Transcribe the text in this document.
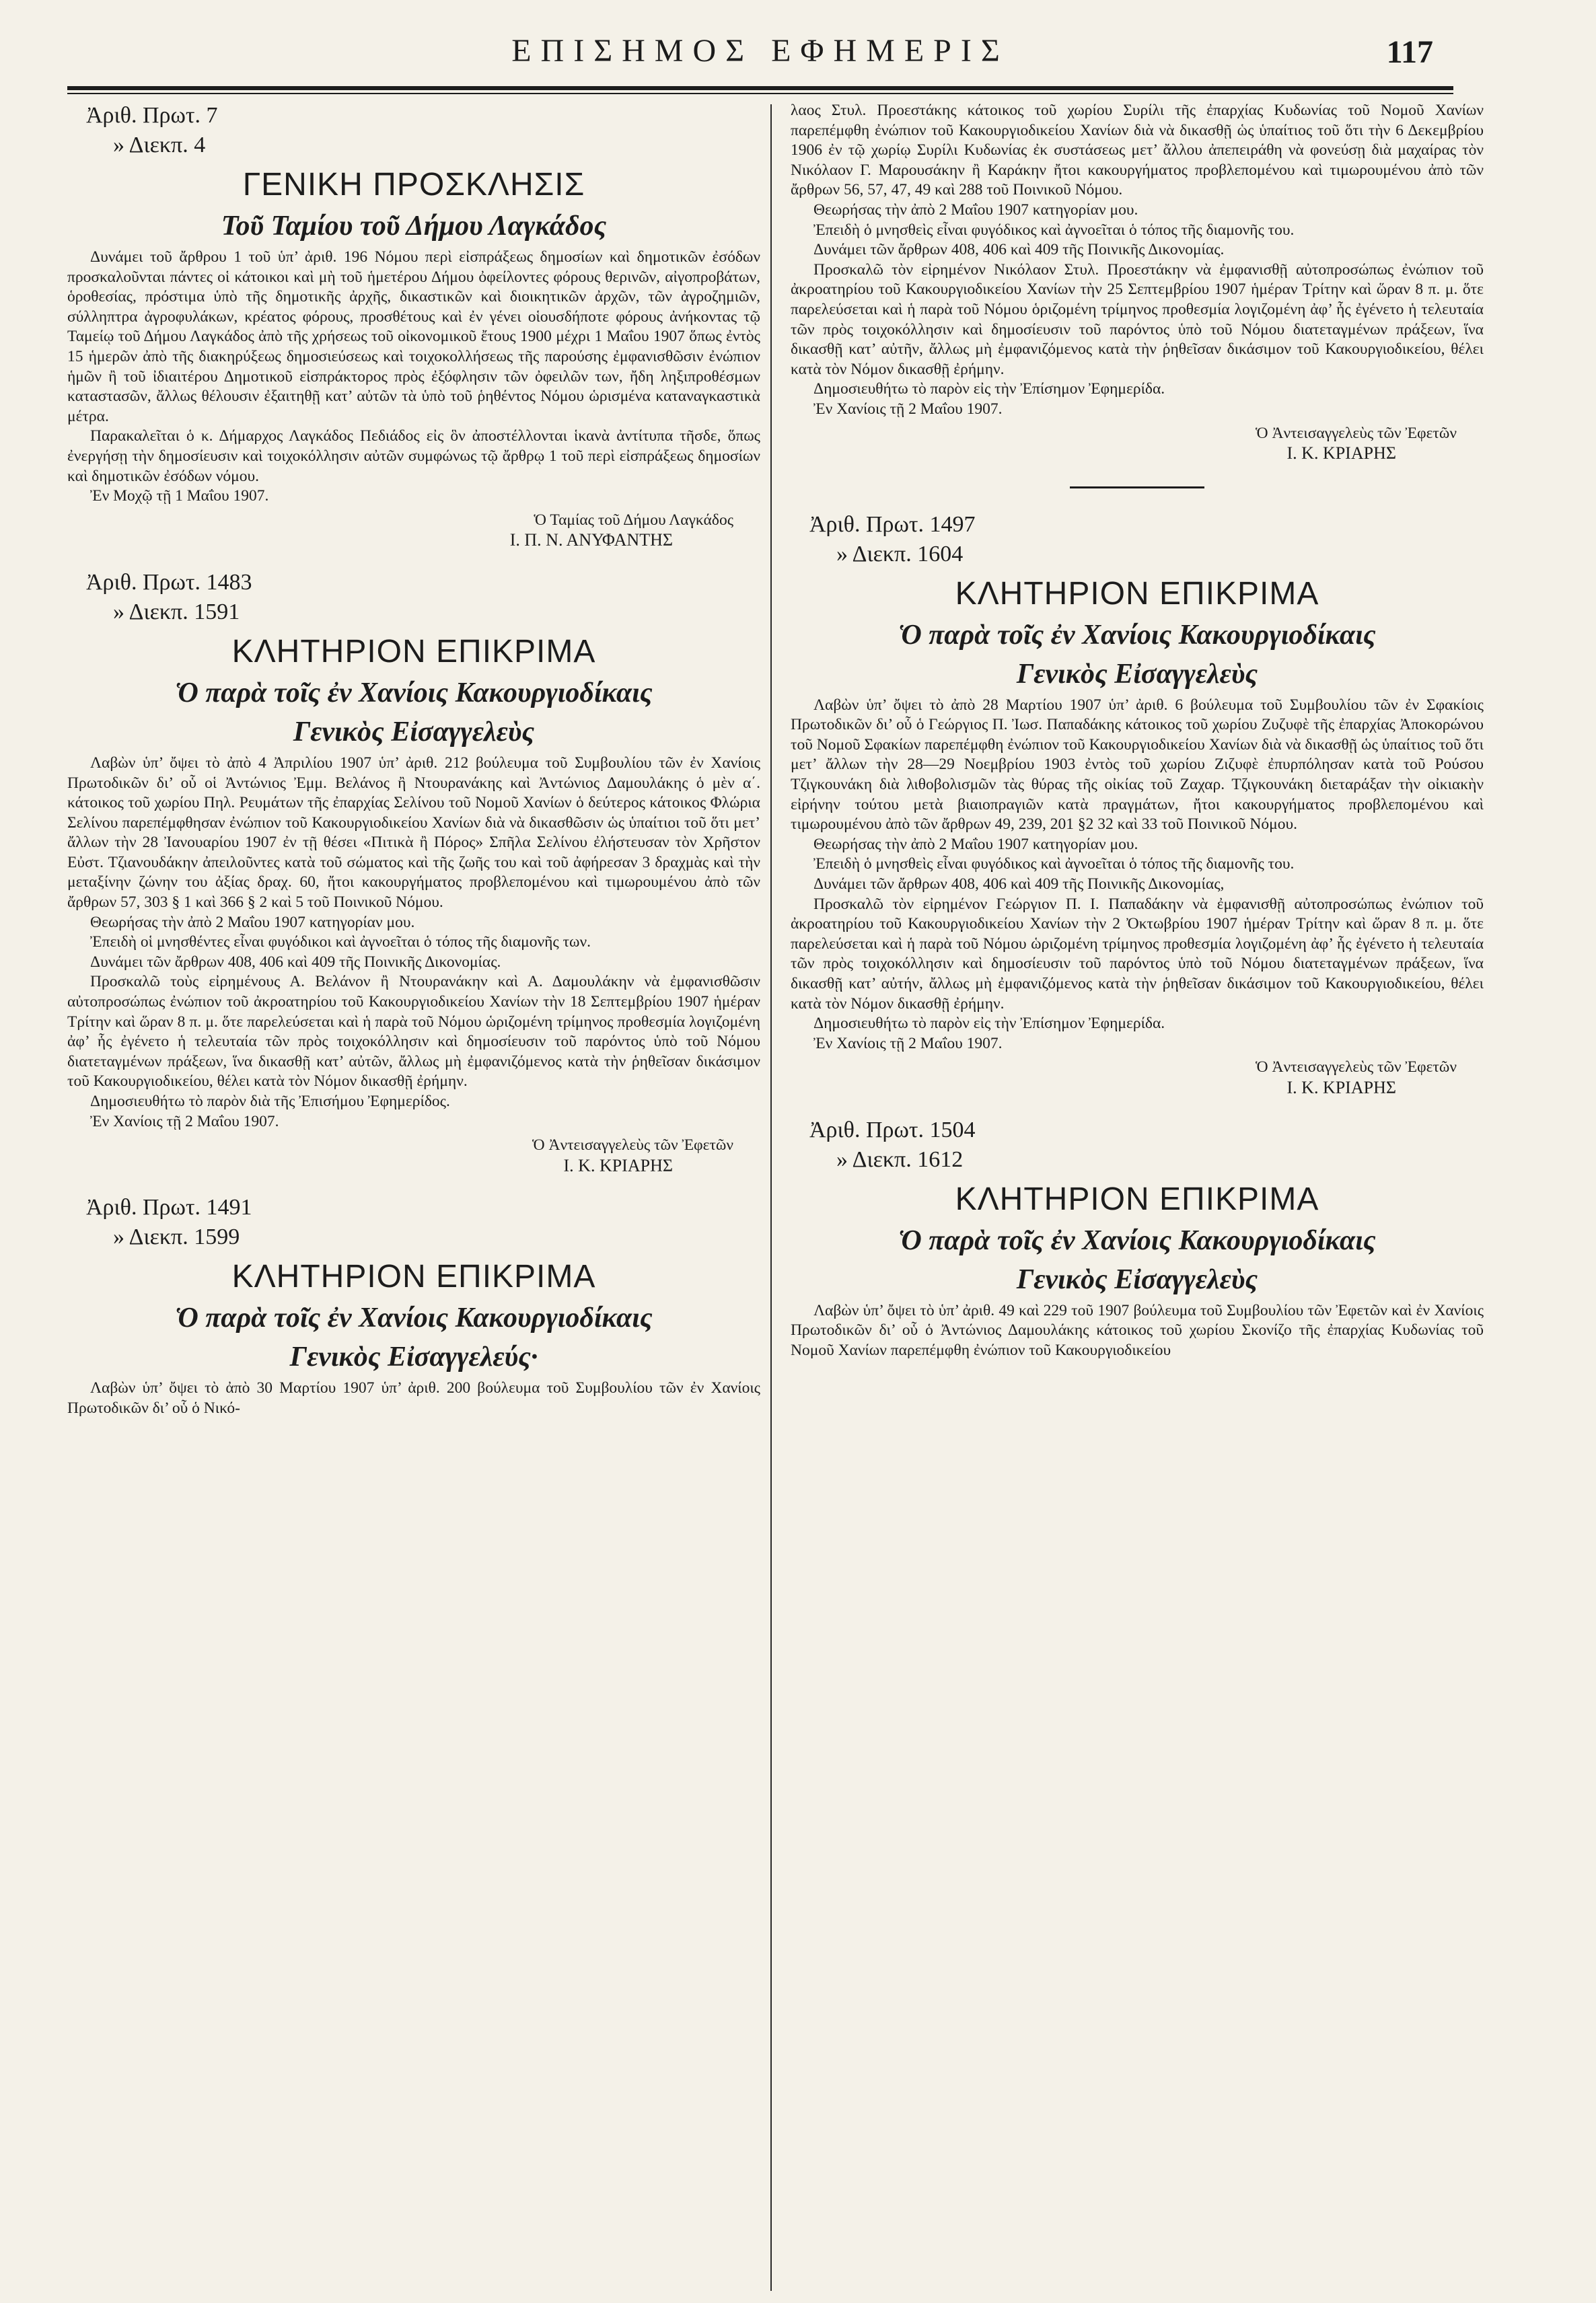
ΕΠΙΣΗΜΟΣ ΕΦΗΜΕΡΙΣ	117
Ἀριθ. Πρωτ. 7
» Διεκπ. 4
ΓΕΝΙΚΗ ΠΡΟΣΚΛΗΣΙΣ
Τοῦ Ταμίου τοῦ Δήμου Λαγκάδος

Δυνάμει τοῦ ἄρθρου 1 τοῦ ὑπ’ ἀριθ. 196 Νόμου περὶ εἰσπράξεως δημοσίων καὶ δημοτικῶν ἐσόδων προσκαλοῦνται πάντες οἱ κάτοικοι καὶ μὴ τοῦ ἡμετέρου Δήμου ὀφείλοντες φόρους θερινῶν, αἰγοπροβάτων, ὁροθεσίας, πρόστιμα ὑπὸ τῆς δημοτικῆς ἀρχῆς, δικαστικῶν καὶ διοικητικῶν ἀρχῶν, τῶν ἀγροζημιῶν, σύλληπτρα ἀγροφυλάκων, κρέατος φόρους, προσθέτους καὶ ἐν γένει οἱουσδήποτε φόρους ἀνήκοντας τῷ Ταμείῳ τοῦ Δήμου Λαγκάδος ἀπὸ τῆς χρήσεως τοῦ οἰκονομικοῦ ἔτους 1900 μέχρι 1 Μαΐου 1907 ὅπως ἐντὸς 15 ἡμερῶν ἀπὸ τῆς διακηρύξεως δημοσιεύσεως καὶ τοιχοκολλήσεως τῆς παρούσης ἐμφανισθῶσιν ἐνώπιον ἡμῶν ἢ τοῦ ἰδιαιτέρου Δημοτικοῦ εἰσπράκτορος πρὸς ἐξόφλησιν τῶν ὀφειλῶν των, ἤδη ληξιπροθέσμων καταστασῶν, ἄλλως θέλουσιν ἐξαιτηθῇ κατ’ αὐτῶν τὰ ὑπὸ τοῦ ῥηθέντος Νόμου ὡρισμένα καταναγκαστικὰ μέτρα.

Παρακαλεῖται ὁ κ. Δήμαρχος Λαγκάδος Πεδιάδος εἰς ὃν ἀποστέλλονται ἱκανὰ ἀντίτυπα τῆσδε, ὅπως ἐνεργήσῃ τὴν δημοσίευσιν καὶ τοιχοκόλλησιν αὐτῶν συμφώνως τῷ ἄρθρῳ 1 τοῦ περὶ εἰσπράξεως δημοσίων καὶ δημοτικῶν ἐσόδων νόμου.

Ἐν Μοχῷ τῇ 1 Μαΐου 1907.

Ὁ Ταμίας τοῦ Δήμου Λαγκάδος
Ι. Π. Ν. ΑΝΥΦΑΝΤΗΣ
Ἀριθ. Πρωτ. 1483
» Διεκπ. 1591
ΚΛΗΤΗΡΙΟΝ ΕΠΙΚΡΙΜΑ
Ὁ παρὰ τοῖς ἐν Χανίοις Κακουργιοδίκαις
Γενικὸς Εἰσαγγελεὺς

Λαβὼν ὑπ’ ὄψει τὸ ἀπὸ 4 Ἀπριλίου 1907 ὑπ’ ἀριθ. 212 βούλευμα τοῦ Συμβουλίου τῶν ἐν Χανίοις Πρωτοδικῶν δι’ οὗ οἱ Ἀντώνιος Ἐμμ. Βελάνος ἢ Ντουρανάκης καὶ Ἀντώνιος Δαμουλάκης ὁ μὲν α΄. κάτοικος τοῦ χωρίου Πηλ. Ρευμάτων τῆς ἐπαρχίας Σελίνου τοῦ Νομοῦ Χανίων ὁ δεύτερος κάτοικος Φλώρια Σελίνου παρεπέμφθησαν ἐνώπιον τοῦ Κακουργιοδικείου Χανίων διὰ νὰ δικασθῶσιν ὡς ὑπαίτιοι τοῦ ὅτι μετ’ ἄλλων τὴν 28 Ἰανουαρίου 1907 ἐν τῇ θέσει «Πιτικὰ ἢ Πόρος» Σπῆλα Σελίνου ἐλήστευσαν τὸν Χρῆστον Εὐστ. Τζιανουδάκην ἀπειλοῦντες κατὰ τοῦ σώματος καὶ τῆς ζωῆς του καὶ τοῦ ἀφήρεσαν 3 δραχμὰς καὶ τὴν μεταξίνην ζώνην του ἀξίας δραχ. 60, ἤτοι κακουργήματος προβλεπομένου καὶ τιμωρουμένου ἀπὸ τῶν ἄρθρων 57, 303 § 1 καὶ 366 § 2 καὶ 5 τοῦ Ποινικοῦ Νόμου.

Θεωρήσας τὴν ἀπὸ 2 Μαΐου 1907 κατηγορίαν μου.

Ἐπειδὴ οἱ μνησθέντες εἶναι φυγόδικοι καὶ ἀγνοεῖται ὁ τόπος τῆς διαμονῆς των.

Δυνάμει τῶν ἄρθρων 408, 406 καὶ 409 τῆς Ποινικῆς Δικονομίας.

Προσκαλῶ τοὺς εἰρημένους Α. Βελάνον ἢ Ντουρανάκην καὶ Α. Δαμουλάκην νὰ ἐμφανισθῶσιν αὐτοπροσώπως ἐνώπιον τοῦ ἀκροατηρίου τοῦ Κακουργιοδικείου Χανίων τὴν 18 Σεπτεμβρίου 1907 ἡμέραν Τρίτην καὶ ὥραν 8 π. μ. ὅτε παρελεύσεται καὶ ἡ παρὰ τοῦ Νόμου ὡριζομένη τρίμηνος προθεσμία λογιζομένη ἀφ’ ἧς ἐγένετο ἡ τελευταία τῶν πρὸς τοιχοκόλλησιν καὶ δημοσίευσιν τοῦ παρόντος ὑπὸ τοῦ Νόμου διατεταγμένων πράξεων, ἵνα δικασθῇ κατ’ αὐτῶν, ἄλλως μὴ ἐμφανιζόμενος κατὰ τὴν ῥηθεῖσαν δικάσιμον τοῦ Κακουργιοδικείου, θέλει κατὰ τὸν Νόμον δικασθῇ ἐρήμην.

Δημοσιευθήτω τὸ παρὸν διὰ τῆς Ἐπισήμου Ἐφημερίδος.

Ἐν Χανίοις τῇ 2 Μαΐου 1907.

Ὁ Ἀντεισαγγελεὺς τῶν Ἐφετῶν
Ι. Κ. ΚΡΙΑΡΗΣ
Ἀριθ. Πρωτ. 1491
» Διεκπ. 1599
ΚΛΗΤΗΡΙΟΝ ΕΠΙΚΡΙΜΑ
Ὁ παρὰ τοῖς ἐν Χανίοις Κακουργιοδίκαις
Γενικὸς Εἰσαγγελεύς·

Λαβὼν ὑπ’ ὄψει τὸ ἀπὸ 30 Μαρτίου 1907 ὑπ’ ἀριθ. 200 βούλευμα τοῦ Συμβουλίου τῶν ἐν Χανίοις Πρωτοδικῶν δι’ οὗ ὁ Νικό-

λαος Στυλ. Προεστάκης κάτοικος τοῦ χωρίου Συρίλι τῆς ἐπαρχίας Κυδωνίας τοῦ Νομοῦ Χανίων παρεπέμφθη ἐνώπιον τοῦ Κακουργιοδικείου Χανίων διὰ νὰ δικασθῇ ὡς ὑπαίτιος τοῦ ὅτι τὴν 6 Δεκεμβρίου 1906 ἐν τῷ χωρίῳ Συρίλι Κυδωνίας ἐκ συστάσεως μετ’ ἄλλου ἀπεπειράθη νὰ φονεύσῃ διὰ μαχαίρας τὸν Νικόλαον Γ. Μαρουσάκην ἢ Καράκην ἤτοι κακουργήματος προβλεπομένου καὶ τιμωρουμένου ἀπὸ τῶν ἄρθρων 56, 57, 47, 49 καὶ 288 τοῦ Ποινικοῦ Νόμου.

Θεωρήσας τὴν ἀπὸ 2 Μαΐου 1907 κατηγορίαν μου.

Ἐπειδὴ ὁ μνησθεὶς εἶναι φυγόδικος καὶ ἀγνοεῖται ὁ τόπος τῆς διαμονῆς του.

Δυνάμει τῶν ἄρθρων 408, 406 καὶ 409 τῆς Ποινικῆς Δικονομίας.

Προσκαλῶ τὸν εἰρημένον Νικόλαον Στυλ. Προεστάκην νὰ ἐμφανισθῇ αὐτοπροσώπως ἐνώπιον τοῦ ἀκροατηρίου τοῦ Κακουργιοδικείου Χανίων τὴν 25 Σεπτεμβρίου 1907 ἡμέραν Τρίτην καὶ ὥραν 8 π. μ. ὅτε παρελεύσεται καὶ ἡ παρὰ τοῦ Νόμου ὁριζομένη τρίμηνος προθεσμία λογιζομένη ἀφ’ ἧς ἐγένετο ἡ τελευταία τῶν πρὸς τοιχοκόλλησιν καὶ δημοσίευσιν τοῦ παρόντος ὑπὸ τοῦ Νόμου διατεταγμένων πράξεων, ἵνα δικασθῇ κατ’ αὐτῆν, ἄλλως μὴ ἐμφανιζόμενος κατὰ τὴν ῥηθεῖσαν δικάσιμον τοῦ Κακουργιοδικείου, θέλει κατὰ τὸν Νόμον δικασθῇ ἐρήμην.

Δημοσιευθήτω τὸ παρὸν εἰς τὴν Ἐπίσημον Ἐφημερίδα.

Ἐν Χανίοις τῇ 2 Μαΐου 1907.

Ὁ Ἀντεισαγγελεὺς τῶν Ἐφετῶν
Ι. Κ. ΚΡΙΑΡΗΣ
Ἀριθ. Πρωτ. 1497
» Διεκπ. 1604
ΚΛΗΤΗΡΙΟΝ ΕΠΙΚΡΙΜΑ
Ὁ παρὰ τοῖς ἐν Χανίοις Κακουργιοδίκαις
Γενικὸς Εἰσαγγελεὺς

Λαβὼν ὑπ’ ὄψει τὸ ἀπὸ 28 Μαρτίου 1907 ὑπ’ ἀριθ. 6 βούλευμα τοῦ Συμβουλίου τῶν ἐν Σφακίοις Πρωτοδικῶν δι’ οὗ ὁ Γεώργιος Π. Ἰωσ. Παπαδάκης κάτοικος τοῦ χωρίου Ζυζυφὲ τῆς ἐπαρχίας Ἀποκορώνου τοῦ Νομοῦ Σφακίων παρεπέμφθη ἐνώπιον τοῦ Κακουργιοδικείου Χανίων διὰ νὰ δικασθῇ ὡς ὑπαίτιος τοῦ ὅτι μετ’ ἄλλων τὴν 28—29 Νοεμβρίου 1903 ἐντὸς τοῦ χωρίου Ζιζυφὲ ἐπυρπόλησαν κατὰ τοῦ Ρούσου Τζιγκουνάκη διὰ λιθοβολισμῶν τὰς θύρας τῆς οἰκίας τοῦ Ζαχαρ. Τζιγκουνάκη διεταράξαν τὴν οἰκιακὴν εἰρήνην τούτου μετὰ βιαιοπραγιῶν κατὰ πραγμάτων, ἤτοι κακουργήματος προβλεπομένου καὶ τιμωρουμένου ἀπὸ τῶν ἄρθρων 49, 239, 201 §2 32 καὶ 33 τοῦ Ποινικοῦ Νόμου.

Θεωρήσας τὴν ἀπὸ 2 Μαΐου 1907 κατηγορίαν μου.

Ἐπειδὴ ὁ μνησθεὶς εἶναι φυγόδικος καὶ ἀγνοεῖται ὁ τόπος τῆς διαμονῆς του.

Δυνάμει τῶν ἄρθρων 408, 406 καὶ 409 τῆς Ποινικῆς Δικονομίας,

Προσκαλῶ τὸν εἰρημένον Γεώργιον Π. Ι. Παπαδάκην νὰ ἐμφανισθῇ αὐτοπροσώπως ἐνώπιον τοῦ ἀκροατηρίου τοῦ Κακουργιοδικείου Χανίων τὴν 2 Ὀκτωβρίου 1907 ἡμέραν Τρίτην καὶ ὥραν 8 π. μ. ὅτε παρελεύσεται καὶ ἡ παρὰ τοῦ Νόμου ὡριζομένη τρίμηνος προθεσμία λογιζομένη ἀφ’ ἧς ἐγένετο ἡ τελευταία τῶν πρὸς τοιχοκόλλησιν καὶ δημοσίευσιν τοῦ παρόντος ὑπὸ τοῦ Νόμου διατεταγμένων πράξεων, ἵνα δικασθῇ κατ’ αὐτήν, ἄλλως μὴ ἐμφανιζόμενος κατὰ τὴν ῥηθεῖσαν δικάσιμον τοῦ Κακουργιοδικείου, θέλει κατὰ τὸν Νόμον δικασθῇ ἐρήμην.

Δημοσιευθήτω τὸ παρὸν εἰς τὴν Ἐπίσημον Ἐφημερίδα.

Ἐν Χανίοις τῇ 2 Μαΐου 1907.

Ὁ Ἀντεισαγγελεὺς τῶν Ἐφετῶν
Ι. Κ. ΚΡΙΑΡΗΣ
Ἀριθ. Πρωτ. 1504
» Διεκπ. 1612
ΚΛΗΤΗΡΙΟΝ ΕΠΙΚΡΙΜΑ
Ὁ παρὰ τοῖς ἐν Χανίοις Κακουργιοδίκαις
Γενικὸς Εἰσαγγελεὺς

Λαβὼν ὑπ’ ὄψει τὸ ὑπ’ ἀριθ. 49 καὶ 229 τοῦ 1907 βούλευμα τοῦ Συμβουλίου τῶν Ἐφετῶν καὶ ἐν Χανίοις Πρωτοδικῶν δι’ οὗ ὁ Ἀντώνιος Δαμουλάκης κάτοικος τοῦ χωρίου Σκονίζο τῆς ἐπαρχίας Κυδωνίας τοῦ Νομοῦ Χανίων παρεπέμφθη ἐνώπιον τοῦ Κακουργιοδικείου
